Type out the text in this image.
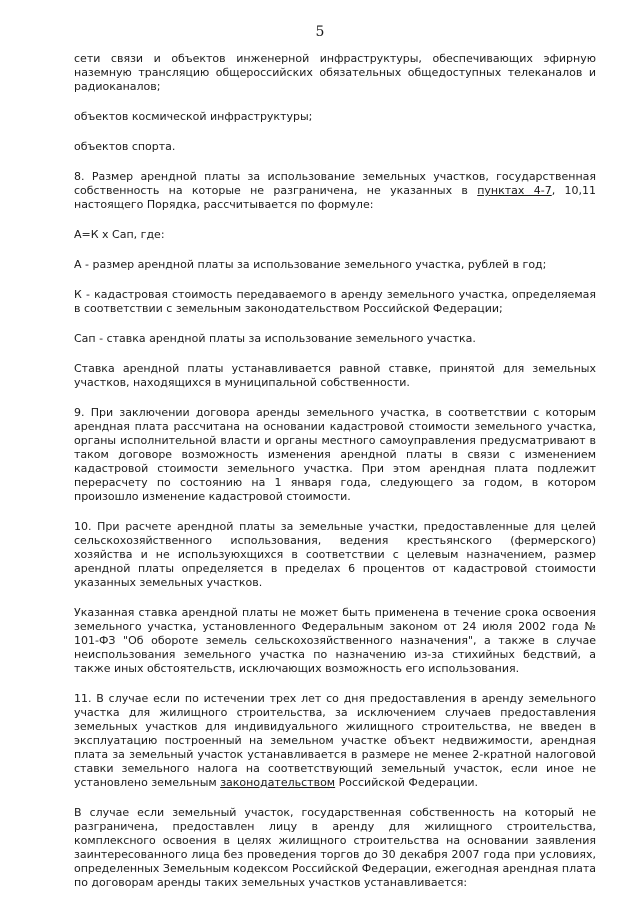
5

сети связи и объектов инженерной инфраструктуры, обеспечивающих эфирную наземную трансляцию общероссийских обязательных общедоступных телеканалов и радиоканалов;

объектов космической инфраструктуры;

объектов спорта.

8. Размер арендной платы за использование земельных участков, государственная собственность на которые не разграничена, не указанных в пунктах 4-7, 10,11 настоящего Порядка, рассчитывается по формуле:

А=К х Сап, где:

А - размер арендной платы за использование земельного участка, рублей в год;

К - кадастровая стоимость передаваемого в аренду земельного участка, определяемая в соответствии с земельным законодательством Российской Федерации;

Сап - ставка арендной платы за использование земельного участка.

Ставка арендной платы устанавливается равной ставке, принятой для земельных участков, находящихся в муниципальной собственности.

9. При заключении договора аренды земельного участка, в соответствии с которым арендная плата рассчитана на основании кадастровой стоимости земельного участка, органы исполнительной власти и органы местного самоуправления предусматривают в таком договоре возможность изменения арендной платы в связи с изменением кадастровой стоимости земельного участка. При этом арендная плата подлежит перерасчету по состоянию на 1 января года, следующего за годом, в котором произошло изменение кадастровой стоимости.

10. При расчете арендной платы за земельные участки, предоставленные для целей сельскохозяйственного использования, ведения крестьянского (фермерского) хозяйства и не используюхщихся в соответствии с целевым назначением, размер арендной платы определяется в пределах 6 процентов от кадастровой стоимости указанных земельных участков.

Указанная ставка арендной платы не может быть применена в течение срока освоения земельного участка, установленного Федеральным законом от 24 июля 2002 года № 101-ФЗ "Об обороте земель сельскохозяйственного назначения", а также в случае неиспользования земельного участка по назначению из-за стихийных бедствий, а также иных обстоятельств, исключающих возможность его использования.

11. В случае если по истечении трех лет со дня предоставления в аренду земельного участка для жилищного строительства, за исключением случаев предоставления земельных участков для индивидуального жилищного строительства, не введен в эксплуатацию построенный на земельном участке объект недвижимости, арендная плата за земельный участок устанавливается в размере не менее 2-кратной налоговой ставки земельного налога на соответствующий земельный участок, если иное не установлено земельным законодательством Российской Федерации.

В случае если земельный участок, государственная собственность на который не разграничена, предоставлен лицу в аренду для жилищного строительства, комплексного освоения в целях жилищного строительства на основании заявления заинтересованного лица без проведения торгов до 30 декабря 2007 года при условиях, определенных Земельным кодексом Российской Федерации, ежегодная арендная плата по договорам аренды таких земельных участков устанавливается:
